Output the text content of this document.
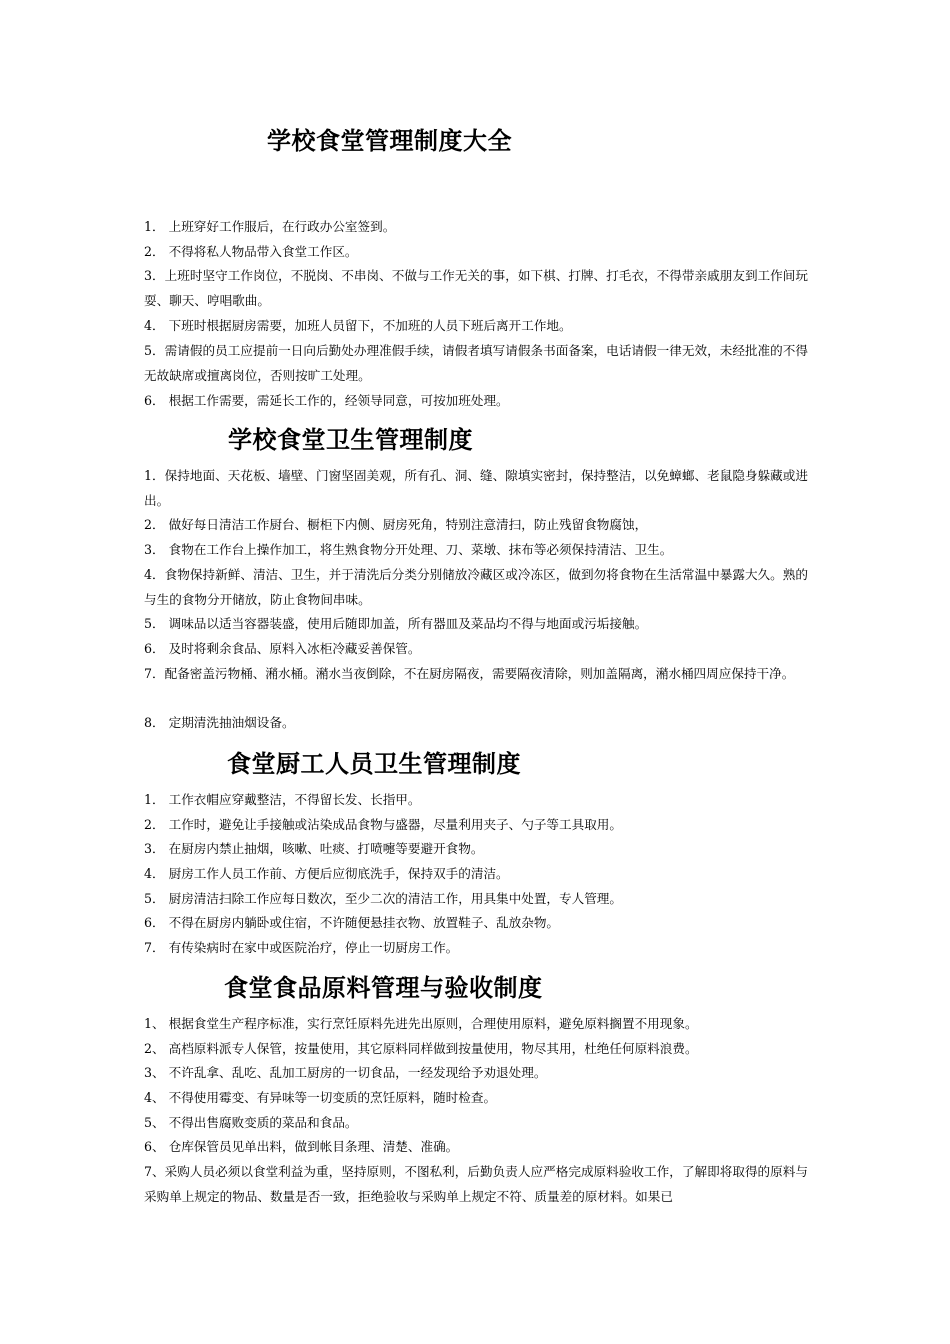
学校食堂管理制度大全
1． 上班穿好工作服后，在行政办公室签到。
2． 不得将私人物品带入食堂工作区。
3．上班时坚守工作岗位，不脱岗、不串岗、不做与工作无关的事，如下棋、打牌、打毛衣，不得带亲戚朋友到工作间玩耍、聊天、哼唱歌曲。
4． 下班时根据厨房需要，加班人员留下，不加班的人员下班后离开工作地。
5．需请假的员工应提前一日向后勤处办理准假手续，请假者填写请假条书面备案，电话请假一律无效，未经批准的不得无故缺席或擅离岗位，否则按旷工处理。
6． 根据工作需要，需延长工作的，经领导同意，可按加班处理。
学校食堂卫生管理制度
1．保持地面、天花板、墙壁、门窗坚固美观，所有孔、洞、缝、隙填实密封，保持整洁，以免蟑螂、老鼠隐身躲藏或进出。
2． 做好每日清洁工作厨台、橱柜下内侧、厨房死角，特别注意清扫，防止残留食物腐蚀，
3． 食物在工作台上操作加工，将生熟食物分开处理、刀、菜墩、抹布等必须保持清洁、卫生。
4．食物保持新鲜、清洁、卫生，并于清洗后分类分别储放冷藏区或冷冻区，做到勿将食物在生活常温中暴露大久。熟的与生的食物分开储放，防止食物间串味。
5． 调味品以适当容器装盛，使用后随即加盖，所有器皿及菜品均不得与地面或污垢接触。
6． 及时将剩余食品、原料入冰柜冷藏妥善保管。
7．配备密盖污物桶、潲水桶。潲水当夜倒除，不在厨房隔夜，需要隔夜清除，则加盖隔离，潲水桶四周应保持干净。
8． 定期清洗抽油烟设备。
食堂厨工人员卫生管理制度
1． 工作衣帽应穿戴整洁，不得留长发、长指甲。
2． 工作时，避免让手接触或沾染成品食物与盛器，尽量利用夹子、勺子等工具取用。
3． 在厨房内禁止抽烟，咳嗽、吐痰、打喷嚏等要避开食物。
4． 厨房工作人员工作前、方便后应彻底洗手，保持双手的清洁。
5． 厨房清洁扫除工作应每日数次，至少二次的清洁工作，用具集中处置，专人管理。
6． 不得在厨房内躺卧或住宿，不许随便悬挂衣物、放置鞋子、乱放杂物。
7． 有传染病时在家中或医院治疗，停止一切厨房工作。
食堂食品原料管理与验收制度
1、 根据食堂生产程序标准，实行烹饪原料先进先出原则，合理使用原料，避免原料搁置不用现象。
2、 高档原料派专人保管，按量使用，其它原料同样做到按量使用，物尽其用，杜绝任何原料浪费。
3、 不许乱拿、乱吃、乱加工厨房的一切食品，一经发现给予劝退处理。
4、 不得使用霉变、有异味等一切变质的烹饪原料，随时检查。
5、 不得出售腐败变质的菜品和食品。
6、 仓库保管员见单出料，做到帐目条理、清楚、准确。
7、采购人员必须以食堂利益为重，坚持原则，不图私利，后勤负责人应严格完成原料验收工作，了解即将取得的原料与采购单上规定的物品、数量是否一致，拒绝验收与采购单上规定不符、质量差的原材料。如果已
